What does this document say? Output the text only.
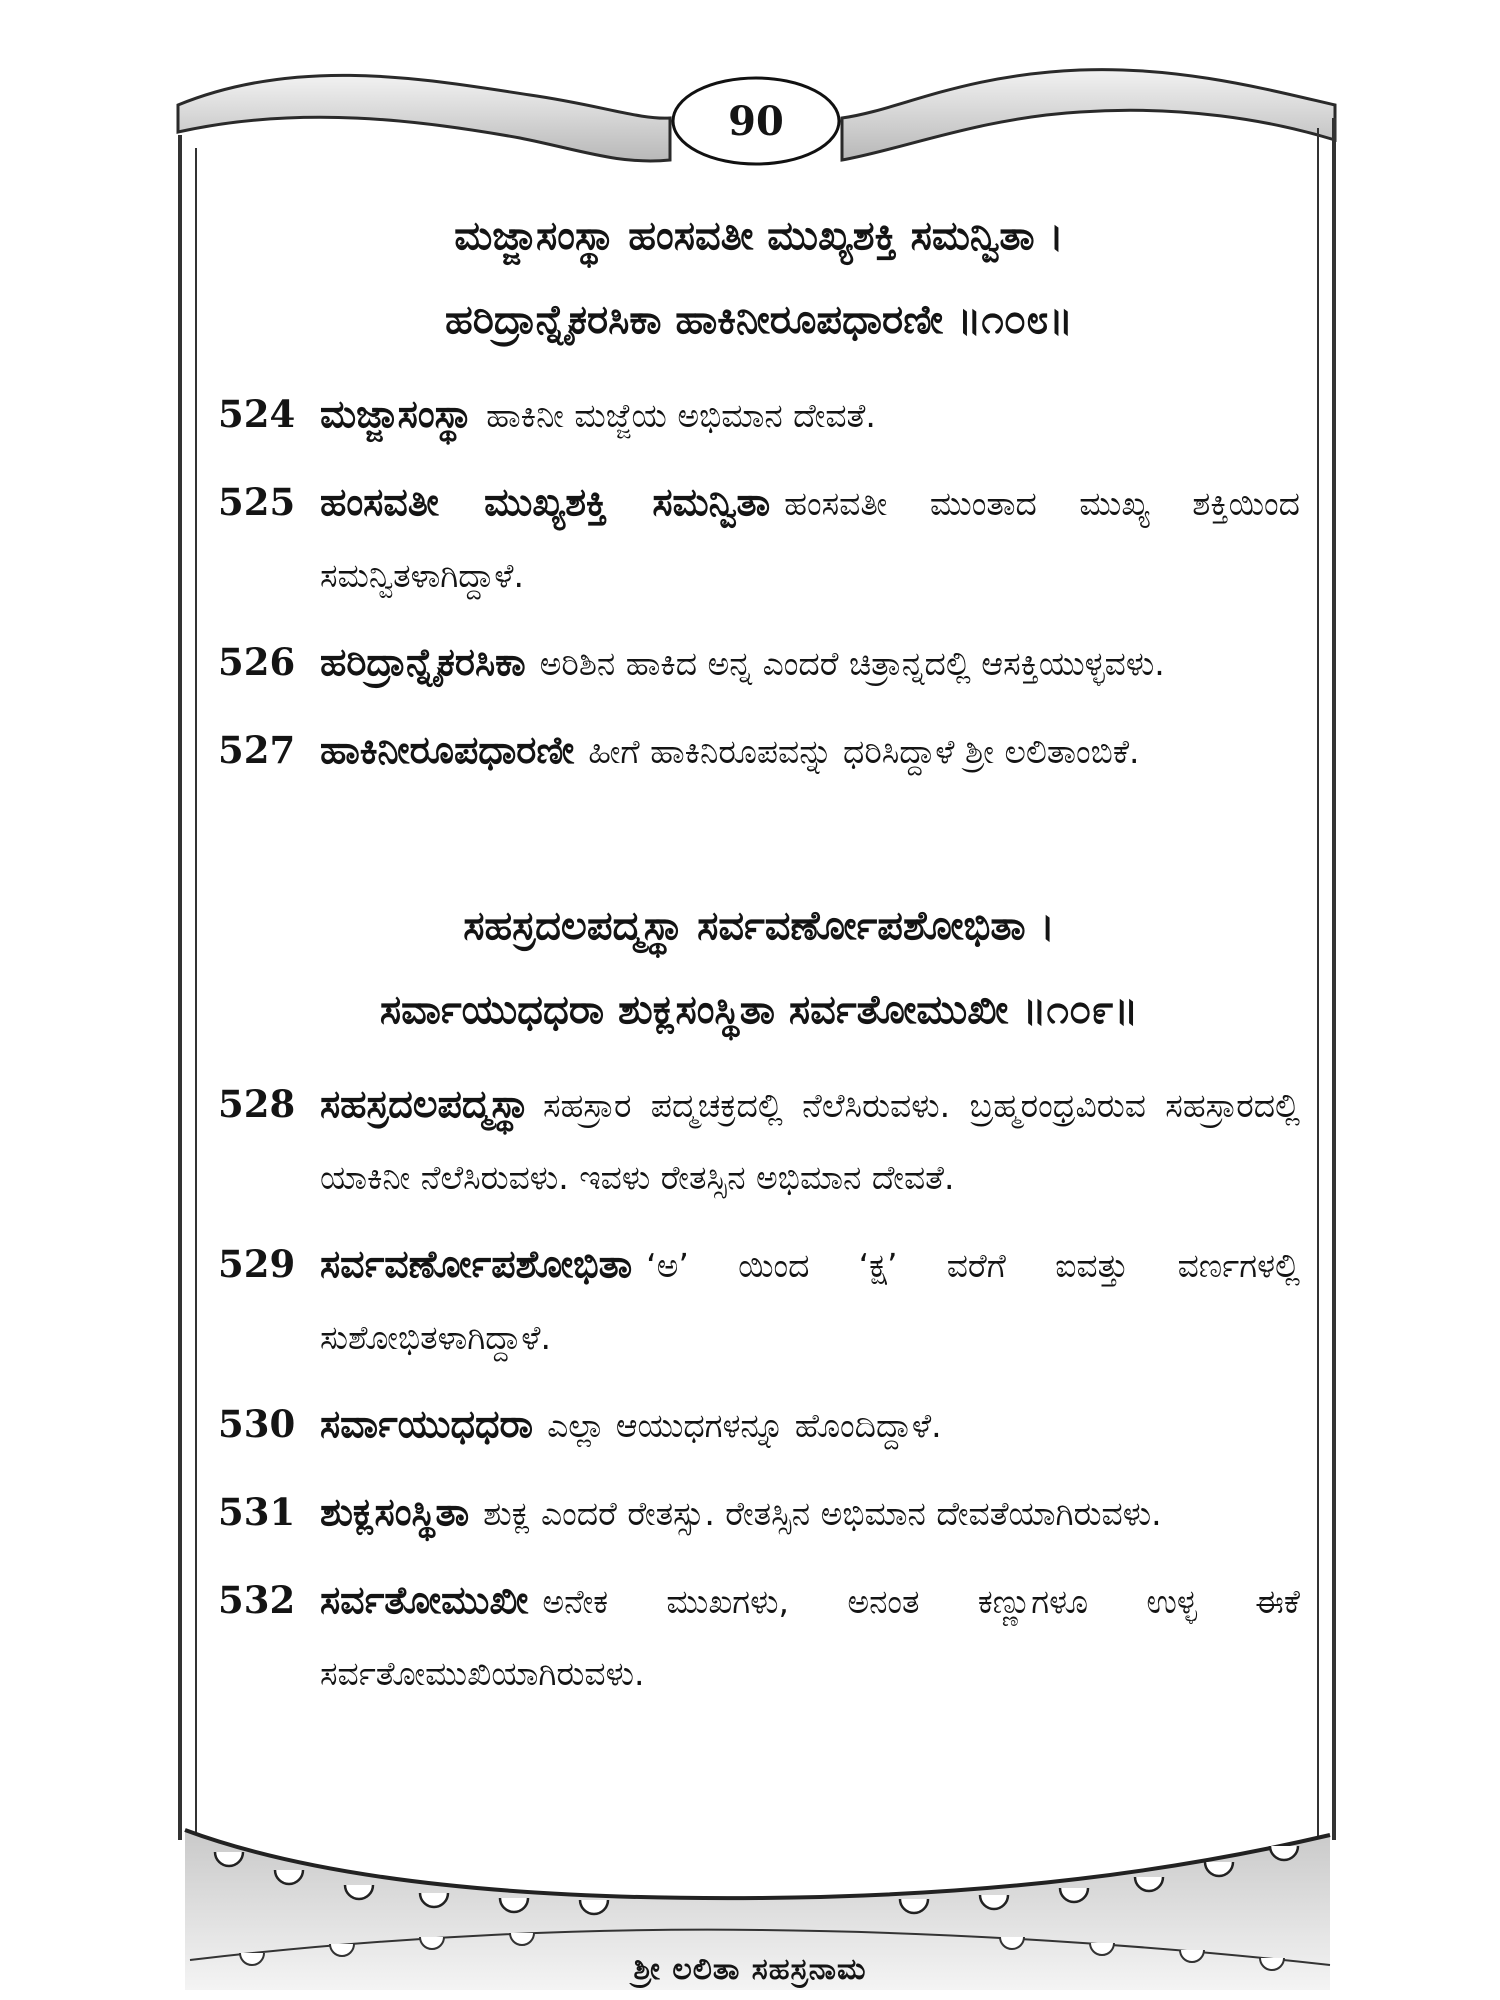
90
ಮಜ್ಜಾಸಂಸ್ಥಾ ಹಂಸವತೀ ಮುಖ್ಯಶಕ್ತಿ ಸಮನ್ವಿತಾ ।
ಹರಿದ್ರಾನ್ನೈಕರಸಿಕಾ ಹಾಕಿನೀರೂಪಧಾರಣೀ ॥೧೦೮॥
524 ಮಜ್ಜಾಸಂಸ್ಥಾ ಹಾಕಿನೀ ಮಜ್ಜೆಯ ಅಭಿಮಾನ ದೇವತೆ.
525 ಹಂಸವತೀ ಮುಖ್ಯಶಕ್ತಿ ಸಮನ್ವಿತಾ ಹಂಸವತೀ ಮುಂತಾದ ಮುಖ್ಯ ಶಕ್ತಿಯಿಂದ ಸಮನ್ವಿತಳಾಗಿದ್ದಾಳೆ.
526 ಹರಿದ್ರಾನ್ನೈಕರಸಿಕಾ ಅರಿಶಿನ ಹಾಕಿದ ಅನ್ನ ಎಂದರೆ ಚಿತ್ರಾನ್ನದಲ್ಲಿ ಆಸಕ್ತಿಯುಳ್ಳವಳು.
527 ಹಾಕಿನೀರೂಪಧಾರಣೀ ಹೀಗೆ ಹಾಕಿನಿರೂಪವನ್ನು ಧರಿಸಿದ್ದಾಳೆ ಶ್ರೀ ಲಲಿತಾಂಬಿಕೆ.
ಸಹಸ್ರದಲಪದ್ಮಸ್ಥಾ ಸರ್ವವರ್ಣೋಪಶೋಭಿತಾ ।
ಸರ್ವಾಯುಧಧರಾ ಶುಕ್ಲಸಂಸ್ಥಿತಾ ಸರ್ವತೋಮುಖೀ ॥೧೦೯॥
528 ಸಹಸ್ರದಲಪದ್ಮಸ್ಥಾ ಸಹಸ್ರಾರ ಪದ್ಮಚಕ್ರದಲ್ಲಿ ನೆಲೆಸಿರುವಳು. ಬ್ರಹ್ಮರಂಧ್ರವಿರುವ ಸಹಸ್ರಾರದಲ್ಲಿ ಯಾಕಿನೀ ನೆಲೆಸಿರುವಳು. ಇವಳು ರೇತಸ್ಸಿನ ಅಭಿಮಾನ ದೇವತೆ.
529 ಸರ್ವವರ್ಣೋಪಶೋಭಿತಾ ‘ಅ’ ಯಿಂದ ‘ಕ್ಷ’ ವರೆಗೆ ಐವತ್ತು ವರ್ಣಗಳಲ್ಲಿ ಸುಶೋಭಿತಳಾಗಿದ್ದಾಳೆ.
530 ಸರ್ವಾಯುಧಧರಾ ಎಲ್ಲಾ ಆಯುಧಗಳನ್ನೂ ಹೊಂದಿದ್ದಾಳೆ.
531 ಶುಕ್ಲಸಂಸ್ಥಿತಾ ಶುಕ್ಲ ಎಂದರೆ ರೇತಸ್ಸು. ರೇತಸ್ಸಿನ ಅಭಿಮಾನ ದೇವತೆಯಾಗಿರುವಳು.
532 ಸರ್ವತೋಮುಖೀ ಅನೇಕ ಮುಖಗಳು, ಅನಂತ ಕಣ್ಣುಗಳೂ ಉಳ್ಳ ಈಕೆ ಸರ್ವತೋಮುಖಿಯಾಗಿರುವಳು.
ಶ್ರೀ ಲಲಿತಾ ಸಹಸ್ರನಾಮ
